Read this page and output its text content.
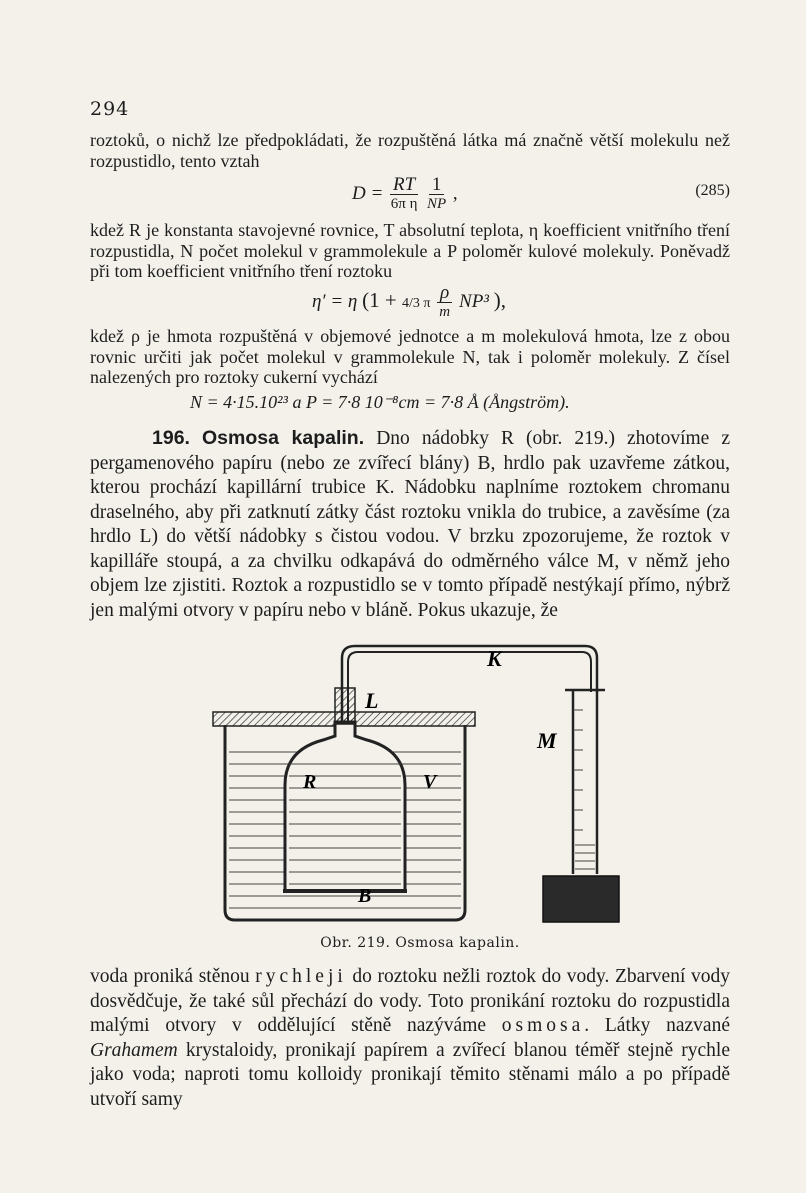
294

roztoků, o nichž lze předpokládati, že rozpuštěná látka má značně větší molekulu než rozpustidlo, tento vztah

$D = \frac{RT}{\text{6π η}}$
$\frac{1}{NP}$ ,	(285)

kdež R je konstanta stavojevné rovnice, T absolutní teplota, η koefficient vnitřního tření rozpustidla, N počet molekul v grammolekule a P poloměr kulové molekuly. Poněvadž při tom koefficient vnitřního tření roztoku

η′ = η (1 + 4/3 π $\frac{\rho}{m} NP^3$ ),

kdež ρ je hmota rozpuštěná v objemové jednotce a m molekulová hmota, lze z obou rovnic určiti jak počet molekul v grammolekule N, tak i poloměr molekuly. Z čísel nalezených pro roztoky cukerní vychází

N = 4·15.10²³ a P = 7·8 10⁻⁸cm = 7·8 Å (Ångström).
196. Osmosa kapalin. Dno nádobky R (obr. 219.) zhotovíme z pergamenového papíru (nebo ze zvířecí blány) B, hrdlo pak uzavřeme zátkou, kterou prochází kapillární trubice K. Nádobku naplníme roztokem chromanu draselného, aby při zatknutí zátky část roztoku vnikla do trubice, a zavěsíme (za hrdlo L) do větší nádobky s čistou vodou. V brzku zpozorujeme, že roztok v kapilláře stoupá, a za chvilku odkapává do odměrného válce M, v němž jeho objem lze zjistiti. Roztok a rozpustidlo se v tomto případě nestýkají přímo, nýbrž jen malými otvory v papíru nebo v bláně. Pokus ukazuje, že
K
L
M
R	V
B
Obr. 219. Osmosa kapalin.

voda proniká stěnou rychleji do roztoku nežli roztok do vody. Zbarvení vody dosvědčuje, že také sůl přechází do vody. Toto pronikání roztoku do rozpustidla malými otvory v oddělující stěně nazýváme osmosa. Látky nazvané Grahamem krystaloidy, pronikají papírem a zvířecí blanou téměř stejně rychle jako voda; naproti tomu kolloidy pronikají těmito stěnami málo a po případě utvoří samy
